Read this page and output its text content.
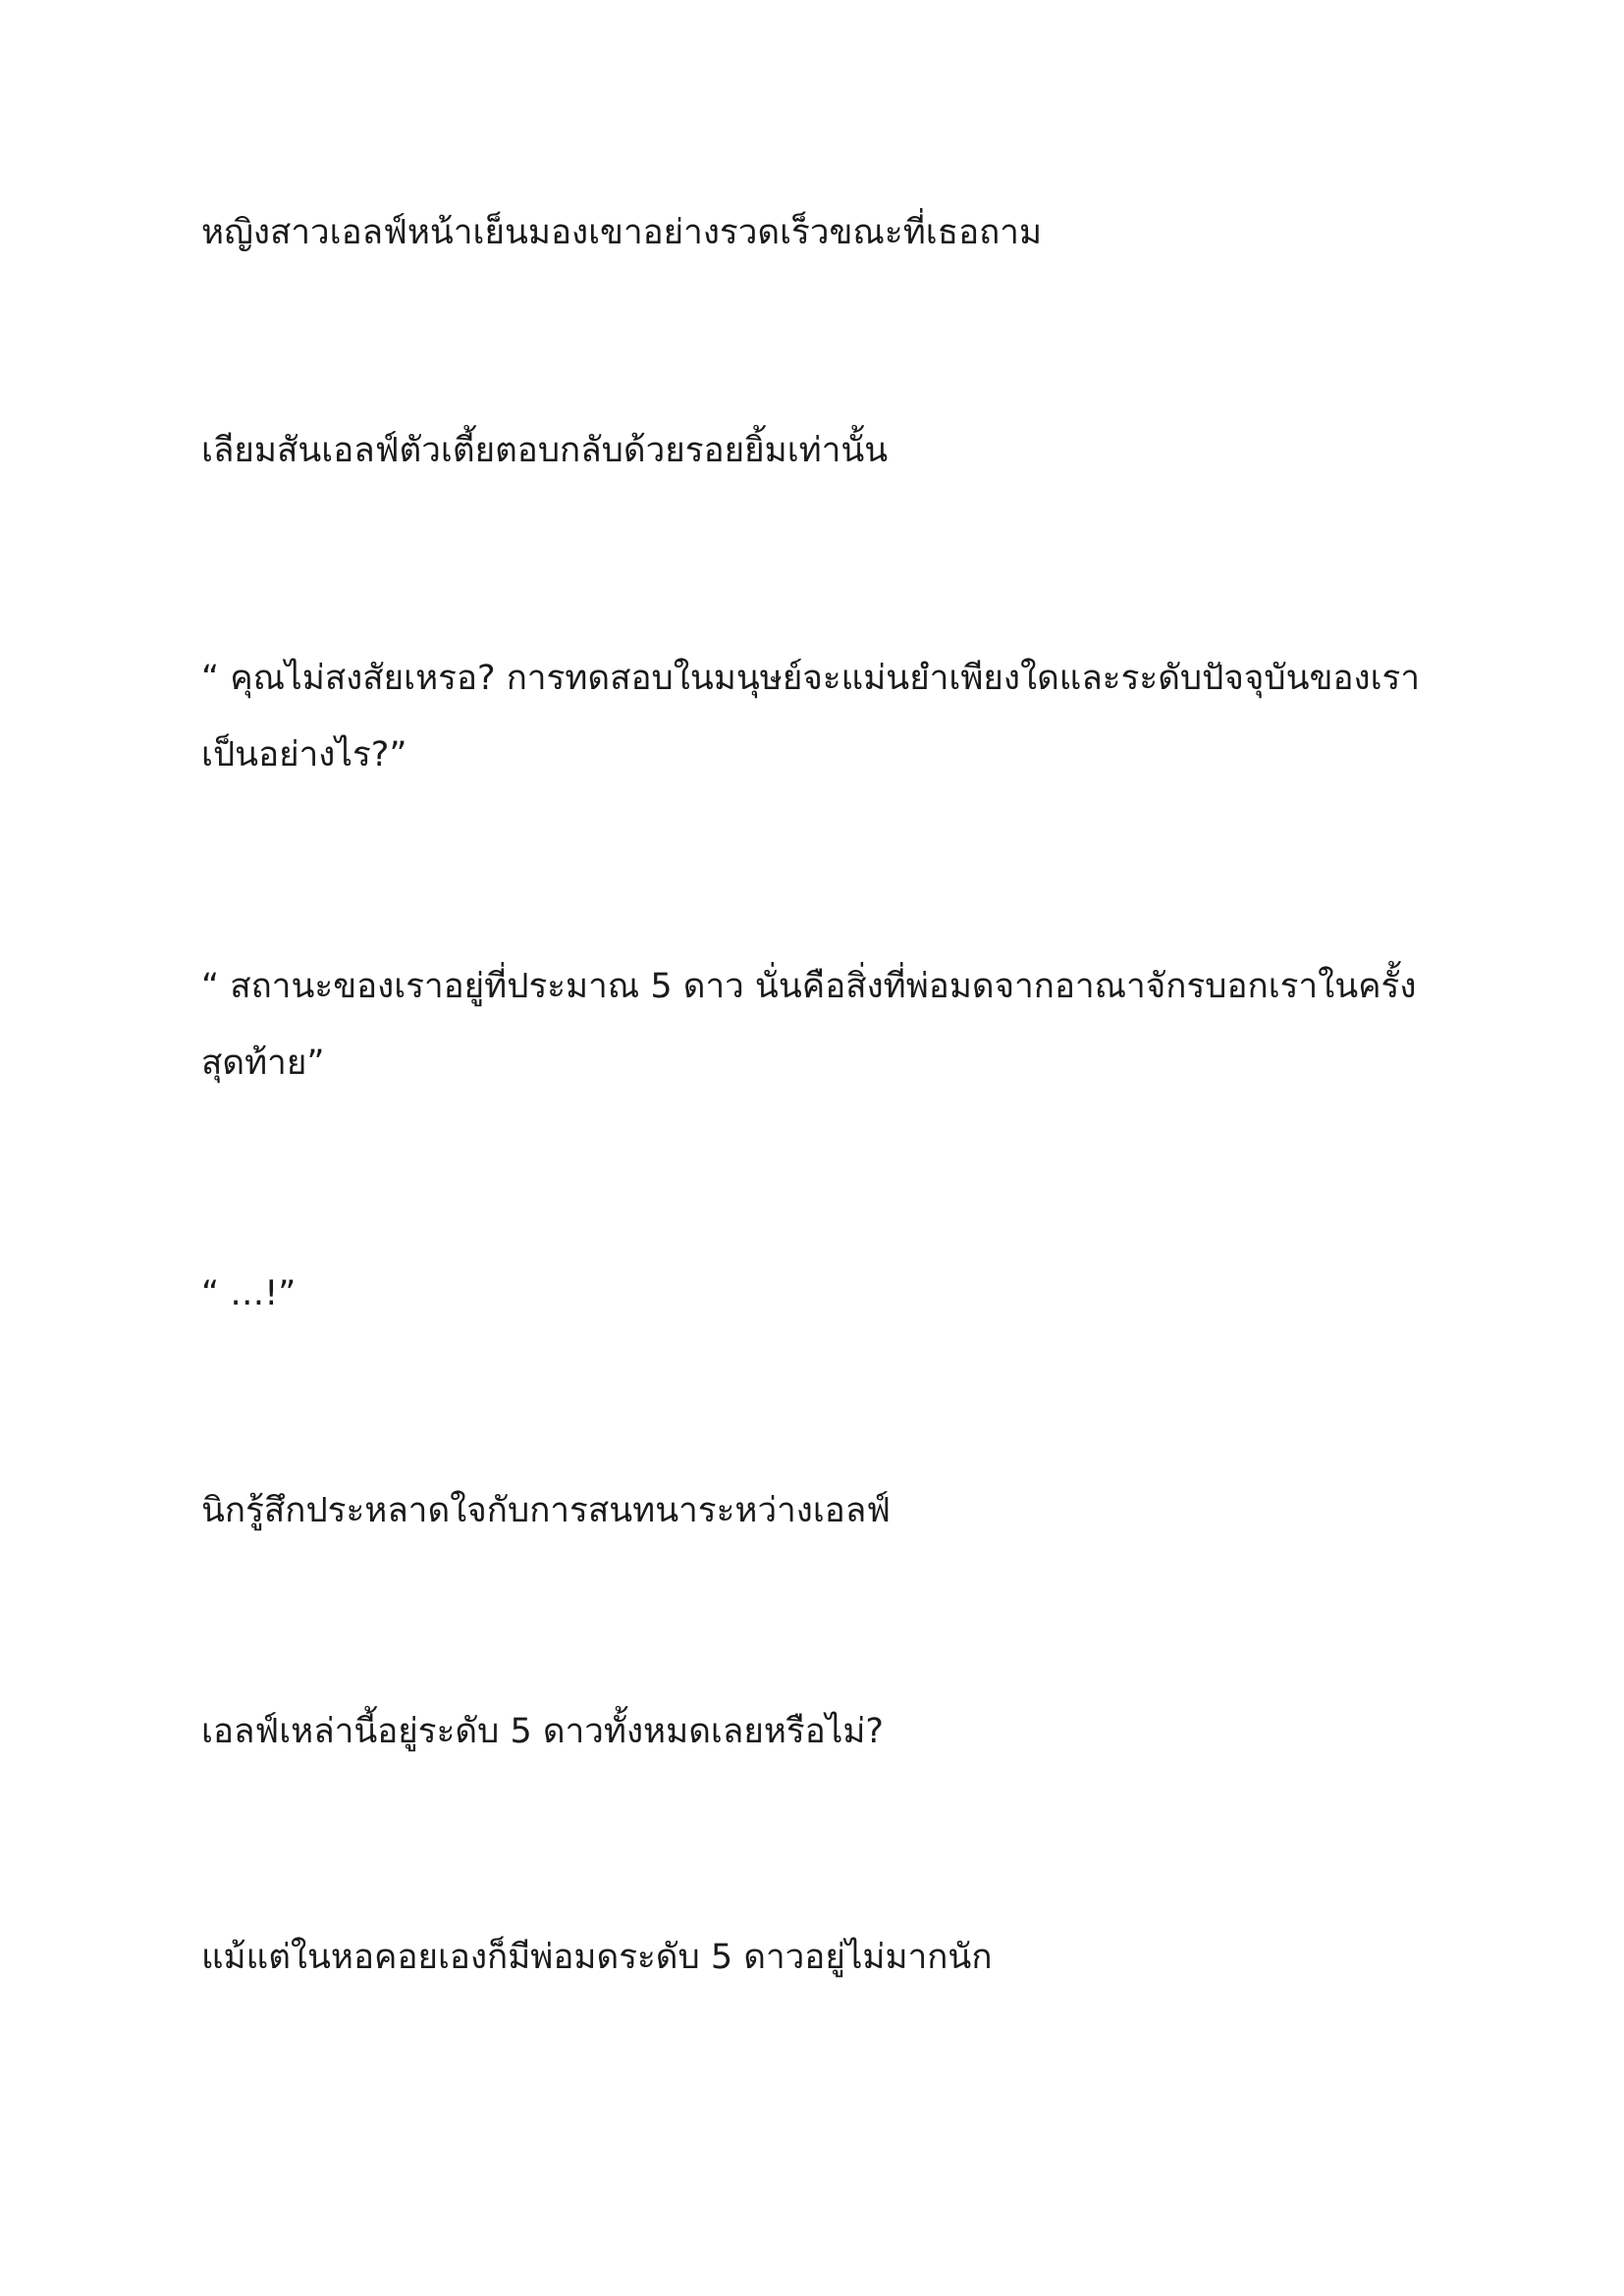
หญิงสาวเอลฟ์หน้าเย็นมองเขาอย่างรวดเร็วขณะที่เธอถาม

เลียมสันเอลฟ์ตัวเตี้ยตอบกลับด้วยรอยยิ้มเท่านั้น

“ คุณไม่สงสัยเหรอ? การทดสอบในมนุษย์จะแม่นยำเพียงใดและระดับปัจจุบันของเราเป็นอย่างไร?”

“ สถานะของเราอยู่ที่ประมาณ 5 ดาว นั่นคือสิ่งที่พ่อมดจากอาณาจักรบอกเราในครั้งสุดท้าย”

“ …!”

นิกรู้สึกประหลาดใจกับการสนทนาระหว่างเอลฟ์

เอลฟ์เหล่านี้อยู่ระดับ 5 ดาวทั้งหมดเลยหรือไม่?

แม้แต่ในหอคอยเองก็มีพ่อมดระดับ 5 ดาวอยู่ไม่มากนัก
